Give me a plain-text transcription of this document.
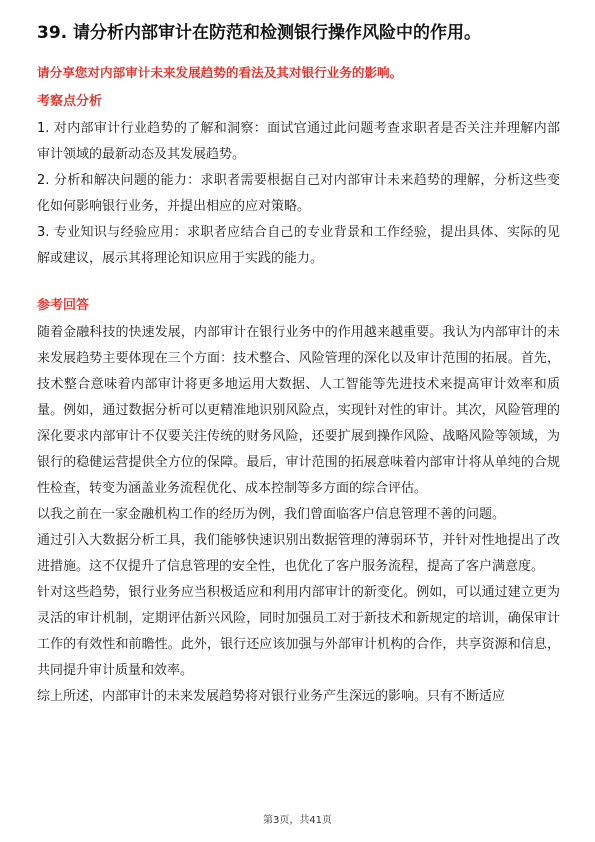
39. 请分析内部审计在防范和检测银行操作风险中的作用。
请分享您对内部审计未来发展趋势的看法及其对银行业务的影响。
考察点分析

1. 对内部审计行业趋势的了解和洞察：面试官通过此问题考查求职者是否关注并理解内部审计领域的最新动态及其发展趋势。

2. 分析和解决问题的能力：求职者需要根据自己对内部审计未来趋势的理解，分析这些变化如何影响银行业务，并提出相应的应对策略。

3. 专业知识与经验应用：求职者应结合自己的专业背景和工作经验，提出具体、实际的见解或建议，展示其将理论知识应用于实践的能力。

参考回答

随着金融科技的快速发展，内部审计在银行业务中的作用越来越重要。我认为内部审计的未来发展趋势主要体现在三个方面：技术整合、风险管理的深化以及审计范围的拓展。首先，技术整合意味着内部审计将更多地运用大数据、人工智能等先进技术来提高审计效率和质量。例如，通过数据分析可以更精准地识别风险点，实现针对性的审计。其次，风险管理的深化要求内部审计不仅要关注传统的财务风险，还要扩展到操作风险、战略风险等领域，为银行的稳健运营提供全方位的保障。最后，审计范围的拓展意味着内部审计将从单纯的合规性检查，转变为涵盖业务流程优化、成本控制等多方面的综合评估。

以我之前在一家金融机构工作的经历为例，我们曾面临客户信息管理不善的问题。

通过引入大数据分析工具，我们能够快速识别出数据管理的薄弱环节，并针对性地提出了改进措施。这不仅提升了信息管理的安全性，也优化了客户服务流程，提高了客户满意度。

针对这些趋势，银行业务应当积极适应和利用内部审计的新变化。例如，可以通过建立更为灵活的审计机制，定期评估新兴风险，同时加强员工对于新技术和新规定的培训，确保审计工作的有效性和前瞻性。此外，银行还应该加强与外部审计机构的合作，共享资源和信息，共同提升审计质量和效率。

综上所述，内部审计的未来发展趋势将对银行业务产生深远的影响。只有不断适应

第3页，共41页
